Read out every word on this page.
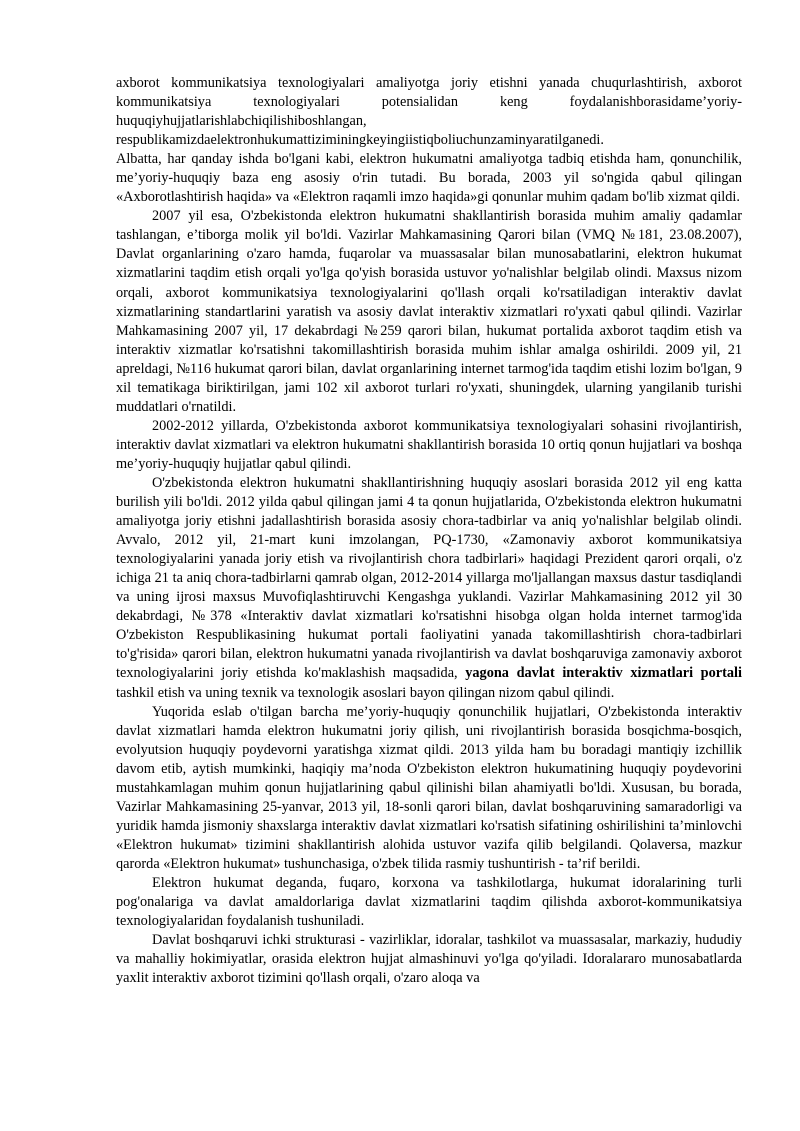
axborot kommunikatsiya texnologiyalari amaliyotga joriy etishni yanada chuqurlashtirish, axborot kommunikatsiya texnologiyalari potensialidan keng foydalanishborasidame’yoriy-huquqiyhujjatlarishlabchiqilishiboshlangan,
respublikamizdaelektronhukumattiziminingkeyingiistiqboliuchunzaminyaratilganedi.
Albatta, har qanday ishda bo'lgani kabi, elektron hukumatni amaliyotga tadbiq etishda ham, qonunchilik, me’yoriy-huquqiy baza eng asosiy o'rin tutadi. Bu borada, 2003 yil so'ngida qabul qilingan «Axborotlashtirish haqida» va «Elektron raqamli imzo haqida»gi qonunlar muhim qadam bo'lib xizmat qildi.

2007 yil esa, O'zbekistonda elektron hukumatni shakllantirish borasida muhim amaliy qadamlar tashlangan, e’tiborga molik yil bo'ldi. Vazirlar Mahkamasining Qarori bilan (VMQ №181, 23.08.2007), Davlat organlarining o'zaro hamda, fuqarolar va muassasalar bilan munosabatlarini, elektron hukumat xizmatlarini taqdim etish orqali yo'lga qo'yish borasida ustuvor yo'nalishlar belgilab olindi. Maxsus nizom orqali, axborot kommunikatsiya texnologiyalarini qo'llash orqali ko'rsatiladigan interaktiv davlat xizmatlarining standartlarini yaratish va asosiy davlat interaktiv xizmatlari ro'yxati qabul qilindi. Vazirlar Mahkamasining 2007 yil, 17 dekabrdagi №259 qarori bilan, hukumat portalida axborot taqdim etish va interaktiv xizmatlar ko'rsatishni takomillashtirish borasida muhim ishlar amalga oshirildi. 2009 yil, 21 apreldagi, №116 hukumat qarori bilan, davlat organlarining internet tarmog'ida taqdim etishi lozim bo'lgan, 9 xil tematikaga biriktirilgan, jami 102 xil axborot turlari ro'yxati, shuningdek, ularning yangilanib turishi muddatlari o'rnatildi.

2002-2012 yillarda, O'zbekistonda axborot kommunikatsiya texnologiyalari sohasini rivojlantirish, interaktiv davlat xizmatlari va elektron hukumatni shakllantirish borasida 10 ortiq qonun hujjatlari va boshqa me’yoriy-huquqiy hujjatlar qabul qilindi.

O'zbekistonda elektron hukumatni shakllantirishning huquqiy asoslari borasida 2012 yil eng katta burilish yili bo'ldi. 2012 yilda qabul qilingan jami 4 ta qonun hujjatlarida, O'zbekistonda elektron hukumatni amaliyotga joriy etishni jadallashtirish borasida asosiy chora-tadbirlar va aniq yo'nalishlar belgilab olindi. Avvalo, 2012 yil, 21-mart kuni imzolangan, PQ-1730, «Zamonaviy axborot kommunikatsiya texnologiyalarini yanada joriy etish va rivojlantirish chora tadbirlari» haqidagi Prezident qarori orqali, o'z ichiga 21 ta aniq chora-tadbirlarni qamrab olgan, 2012-2014 yillarga mo'ljallangan maxsus dastur tasdiqlandi va uning ijrosi maxsus Muvofiqlashtiruvchi Kengashga yuklandi. Vazirlar Mahkamasining 2012 yil 30 dekabrdagi, №378 «Interaktiv davlat xizmatlari ko'rsatishni hisobga olgan holda internet tarmog'ida O'zbekiston Respublikasining hukumat portali faoliyatini yanada takomillashtirish chora-tadbirlari to'g'risida» qarori bilan, elektron hukumatni yanada rivojlantirish va davlat boshqaruviga zamonaviy axborot texnologiyalarini joriy etishda ko'maklashish maqsadida, yagona davlat interaktiv xizmatlari portali tashkil etish va uning texnik va texnologik asoslari bayon qilingan nizom qabul qilindi.

Yuqorida eslab o'tilgan barcha me’yoriy-huquqiy qonunchilik hujjatlari, O'zbekistonda interaktiv davlat xizmatlari hamda elektron hukumatni joriy qilish, uni rivojlantirish borasida bosqichma-bosqich, evolyutsion huquqiy poydevorni yaratishga xizmat qildi. 2013 yilda ham bu boradagi mantiqiy izchillik davom etib, aytish mumkinki, haqiqiy ma’noda O'zbekiston elektron hukumatining huquqiy poydevorini mustahkamlagan muhim qonun hujjatlarining qabul qilinishi bilan ahamiyatli bo'ldi. Xususan, bu borada, Vazirlar Mahkamasining 25-yanvar, 2013 yil, 18-sonli qarori bilan, davlat boshqaruvining samaradorligi va yuridik hamda jismoniy shaxslarga interaktiv davlat xizmatlari ko'rsatish sifatining oshirilishini ta’minlovchi «Elektron hukumat» tizimini shakllantirish alohida ustuvor vazifa qilib belgilandi. Qolaversa, mazkur qarorda «Elektron hukumat» tushunchasiga, o'zbek tilida rasmiy tushuntirish - ta’rif berildi.

Elektron hukumat deganda, fuqaro, korxona va tashkilotlarga, hukumat idoralarining turli pog'onalariga va davlat amaldorlariga davlat xizmatlarini taqdim qilishda axborot-kommunikatsiya texnologiyalaridan foydalanish tushuniladi.

Davlat boshqaruvi ichki strukturasi - vazirliklar, idoralar, tashkilot va muassasalar, markaziy, hududiy va mahalliy hokimiyatlar, orasida elektron hujjat almashinuvi yo'lga qo'yiladi. Idoralararo munosabatlarda yaxlit interaktiv axborot tizimini qo'llash orqali, o'zaro aloqa va
